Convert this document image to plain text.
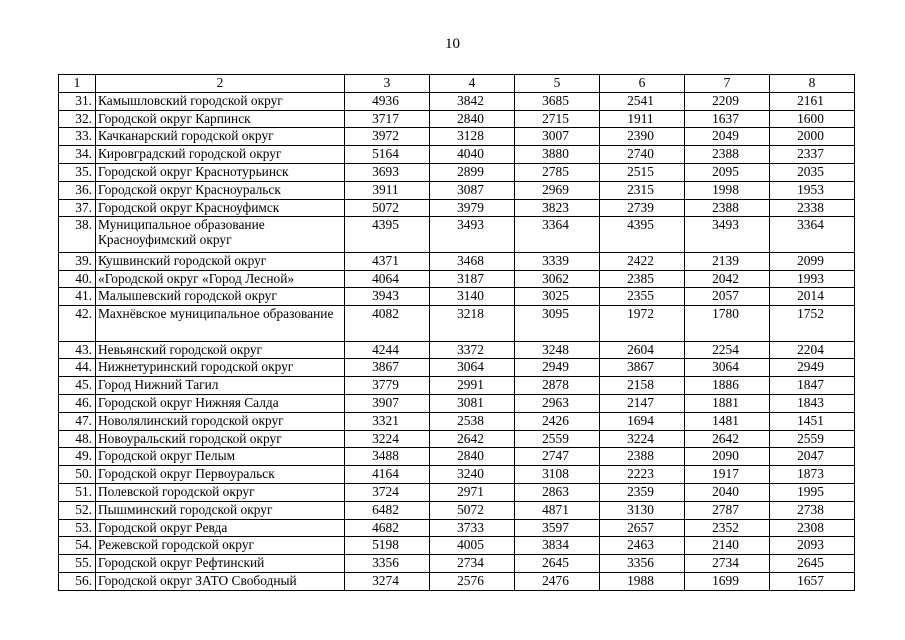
10
1	2	3	4	5	6	7	8
31.	Камышловский городской округ	4936	3842	3685	2541	2209	2161
32.	Городской округ Карпинск	3717	2840	2715	1911	1637	1600
33.	Качканарский городской округ	3972	3128	3007	2390	2049	2000
34.	Кировградский городской округ	5164	4040	3880	2740	2388	2337
35.	Городской округ Краснотурьинск	3693	2899	2785	2515	2095	2035
36.	Городской округ Красноуральск	3911	3087	2969	2315	1998	1953
37.	Городской округ Красноуфимск	5072	3979	3823	2739	2388	2338
38.	Муниципальное образование Красноуфимский округ	4395	3493	3364	4395	3493	3364
39.	Кушвинский городской округ	4371	3468	3339	2422	2139	2099
40.	«Городской округ «Город Лесной»	4064	3187	3062	2385	2042	1993
41.	Малышевский городской округ	3943	3140	3025	2355	2057	2014
42.	Махнёвское муниципальное образование	4082	3218	3095	1972	1780	1752
43.	Невьянский городской округ	4244	3372	3248	2604	2254	2204
44.	Нижнетуринский городской округ	3867	3064	2949	3867	3064	2949
45.	Город Нижний Тагил	3779	2991	2878	2158	1886	1847
46.	Городской округ Нижняя Салда	3907	3081	2963	2147	1881	1843
47.	Новолялинский городской округ	3321	2538	2426	1694	1481	1451
48.	Новоуральский городской округ	3224	2642	2559	3224	2642	2559
49.	Городской округ Пелым	3488	2840	2747	2388	2090	2047
50.	Городской округ Первоуральск	4164	3240	3108	2223	1917	1873
51.	Полевской городской округ	3724	2971	2863	2359	2040	1995
52.	Пышминский городской округ	6482	5072	4871	3130	2787	2738
53.	Городской округ Ревда	4682	3733	3597	2657	2352	2308
54.	Режевской городской округ	5198	4005	3834	2463	2140	2093
55.	Городской округ Рефтинский	3356	2734	2645	3356	2734	2645
56.	Городской округ ЗАТО Свободный	3274	2576	2476	1988	1699	1657
